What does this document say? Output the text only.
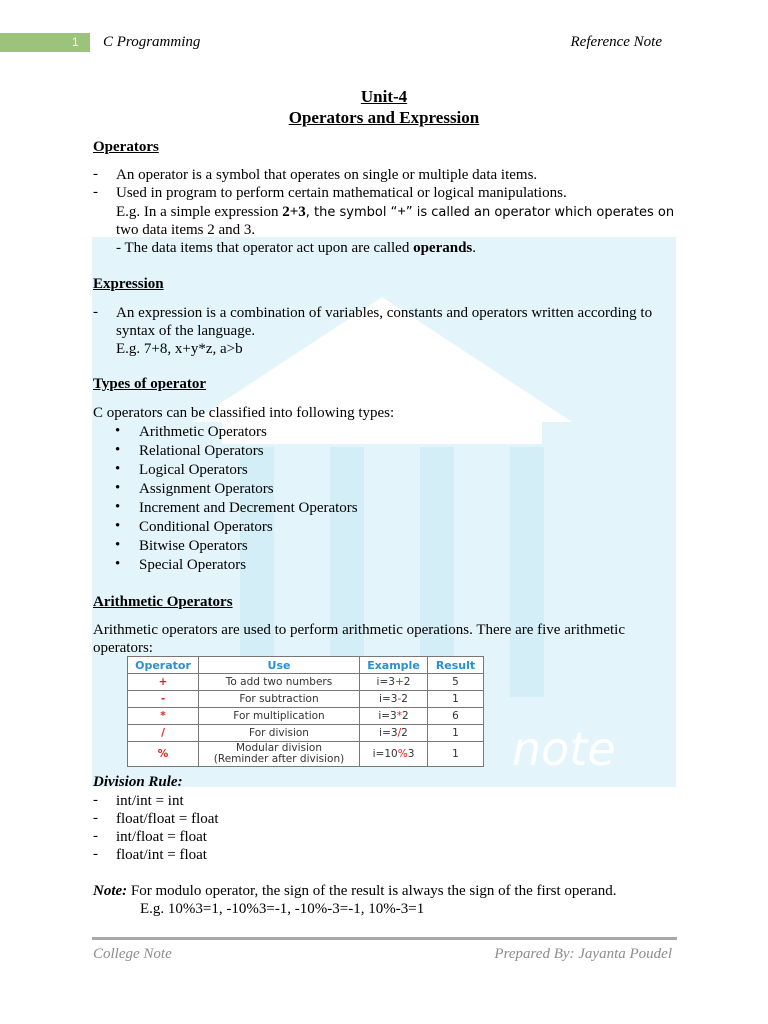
1 C Programming	Reference Note
note
Unit-4
Operators and Expression
Operators
- An operator is a symbol that operates on single or multiple data items.
- Used in program to perform certain mathematical or logical manipulations.
E.g. In a simple expression 2+3, the symbol “+” is called an operator which operates on
two data items 2 and 3.
- The data items that operator act upon are called operands.
Expression
- An expression is a combination of variables, constants and operators written according to
syntax of the language.
E.g. 7+8, x+y*z, a>b
Types of operator
C operators can be classified into following types:
• Arithmetic Operators
• Relational Operators
• Logical Operators
• Assignment Operators
• Increment and Decrement Operators
• Conditional Operators
• Bitwise Operators
• Special Operators
Arithmetic Operators
Arithmetic operators are used to perform arithmetic operations. There are five arithmetic
operators:
Operator	Use	Example	Result
+	To add two numbers	i=3+2	5
-	For subtraction	i=3-2	1
*	For multiplication	i=3*2	6
/	For division	i=3/2	1
%	Modular division
(Reminder after division)	i=10%3	1
Division Rule:
- int/int = int
- float/float = float
- int/float = float
- float/int = float
Note: For modulo operator, the sign of the result is always the sign of the first operand.
E.g. 10%3=1, -10%3=-1, -10%-3=-1, 10%-3=1
College Note	Prepared By: Jayanta Poudel
